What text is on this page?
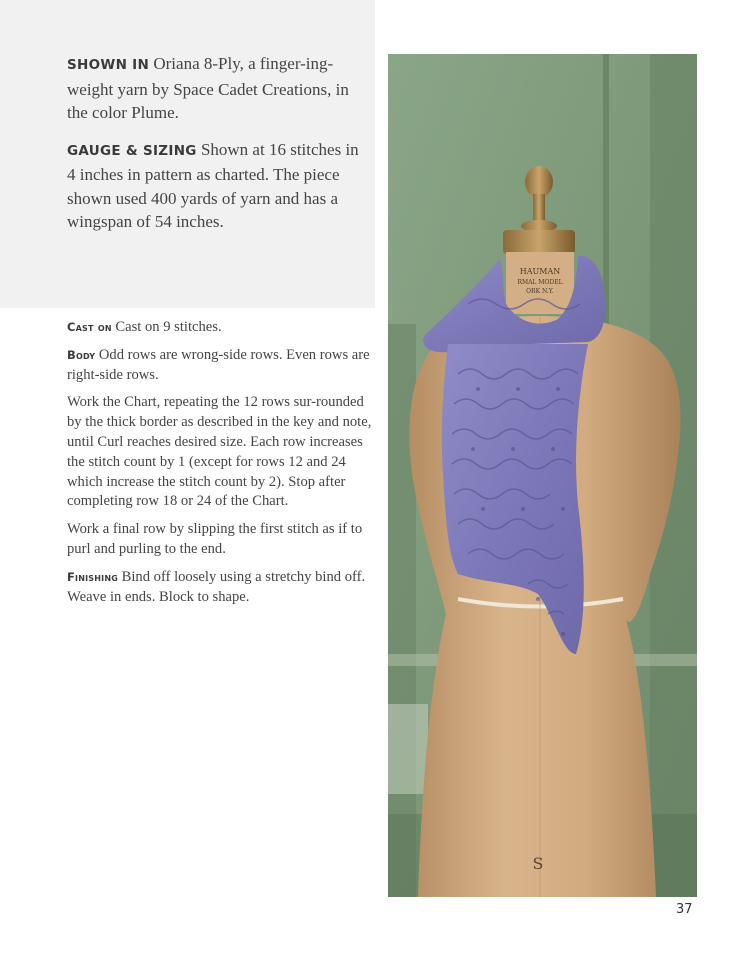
SHOWN IN Oriana 8-Ply, a finger-ing-weight yarn by Space Cadet Creations, in the color Plume.

GAUGE & SIZING Shown at 16 stitches in 4 inches in pattern as charted. The piece shown used 400 yards of yarn and has a wingspan of 54 inches.

Cast on Cast on 9 stitches.

Body Odd rows are wrong-side rows. Even rows are right-side rows.

Work the Chart, repeating the 12 rows sur-rounded by the thick border as described in the key and note, until Curl reaches desired size. Each row increases the stitch count by 1 (except for rows 12 and 24 which increase the stitch count by 2). Stop after completing row 18 or 24 of the Chart.

Work a final row by slipping the first stitch as if to purl and purling to the end.

Finishing Bind off loosely using a stretchy bind off. Weave in ends. Block to shape.

HAUMAN
RMAL MODEL
ORK N.Y.
S
37
